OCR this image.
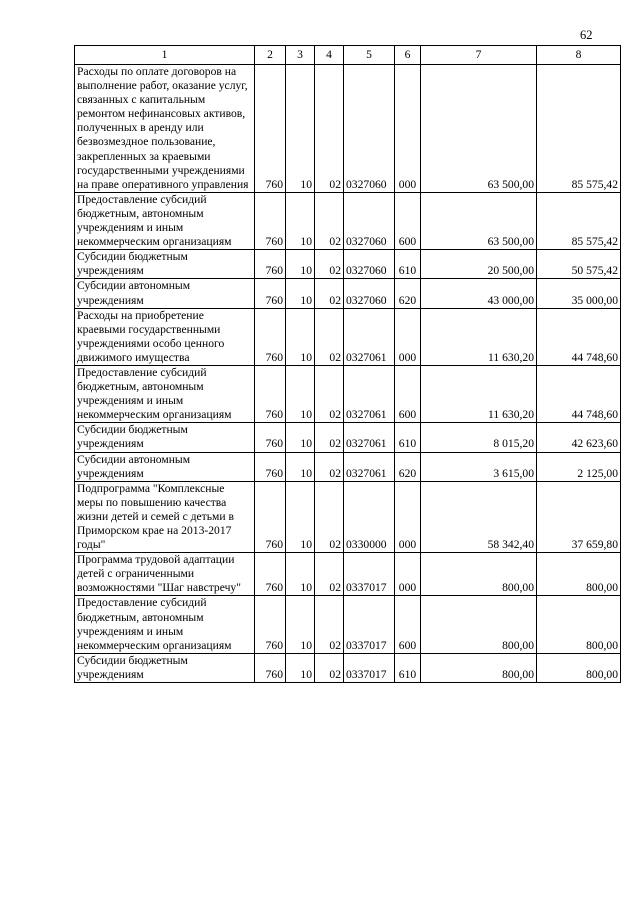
62
1	2	3	4	5	6	7	8
Расходы по оплате договоров на выполнение работ, оказание услуг, связанных с капитальным ремонтом нефинансовых активов, полученных в аренду или безвозмездное пользование, закрепленных за краевыми государственными учреждениями на праве оперативного управления	760	10	02	0327060	000	63 500,00	85 575,42
Предоставление субсидий бюджетным, автономным учреждениям и иным некоммерческим организациям	760	10	02	0327060	600	63 500,00	85 575,42
Субсидии бюджетным учреждениям	760	10	02	0327060	610	20 500,00	50 575,42
Субсидии автономным учреждениям	760	10	02	0327060	620	43 000,00	35 000,00
Расходы на приобретение краевыми государственными учреждениями особо ценного движимого имущества	760	10	02	0327061	000	11 630,20	44 748,60
Предоставление субсидий бюджетным, автономным учреждениям и иным некоммерческим организациям	760	10	02	0327061	600	11 630,20	44 748,60
Субсидии бюджетным учреждениям	760	10	02	0327061	610	8 015,20	42 623,60
Субсидии автономным учреждениям	760	10	02	0327061	620	3 615,00	2 125,00
Подпрограмма "Комплексные меры по повышению качества жизни детей и семей с детьми в Приморском крае на 2013-2017 годы"	760	10	02	0330000	000	58 342,40	37 659,80
Программа трудовой адаптации детей с ограниченными возможностями "Шаг навстречу"	760	10	02	0337017	000	800,00	800,00
Предоставление субсидий бюджетным, автономным учреждениям и иным некоммерческим организациям	760	10	02	0337017	600	800,00	800,00
Субсидии бюджетным учреждениям	760	10	02	0337017	610	800,00	800,00
